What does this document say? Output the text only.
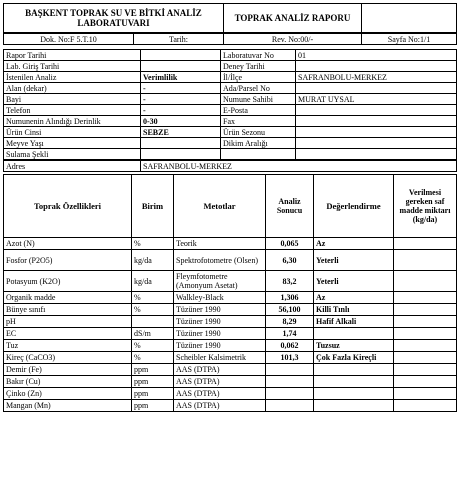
BAŞKENT TOPRAK SU VE BİTKİ ANALİZ LABORATUVARI	TOPRAK ANALİZ RAPORU	
Dok. No:F 5.T.10	Tarih:	Rev. No:00/-	Sayfa No:1/1
Rapor Tarihi		Laboratuvar No	01
Lab. Giriş Tarihi		Deney Tarihi	
İstenilen Analiz	Verimlilik	İl/İlçe	SAFRANBOLU-MERKEZ
Alan (dekar)	-	Ada/Parsel No	
Bayi	-	Numune Sahibi	MURAT UYSAL
Telefon	-	E-Posta	
Numunenin Alındığı Derinlik	0-30	Fax	
Ürün Cinsi	SEBZE	Ürün Sezonu	
Meyve Yaşı		Dikim Aralığı	
Sulama Şekli			
Adres	SAFRANBOLU-MERKEZ
Toprak Özellikleri	Birim	Metotlar	Analiz Sonucu	Değerlendirme	Verilmesi gereken saf madde miktarı (kg/da)
Azot (N)	%	Teorik	0,065	Az	
Fosfor (P2O5)	kg/da	Spektrofotometre (Olsen)	6,30	Yeterli	
Potasyum (K2O)	kg/da	Fleymfotometre (Amonyum Asetat)	83,2	Yeterli	
Organik madde	%	Walkley-Black	1,306	Az	
Bünye sınıfı	%	Tüzüner 1990	56,100	Killi Tınlı	
pH		Tüzüner 1990	8,29	Hafif Alkali	
EC	dS/m	Tüzüner 1990	1,74		
Tuz	%	Tüzüner 1990	0,062	Tuzsuz	
Kireç (CaCO3)	%	Scheibler Kalsimetrik	101,3	Çok Fazla Kireçli	
Demir (Fe)	ppm	AAS (DTPA)			
Bakır (Cu)	ppm	AAS (DTPA)			
Çinko (Zn)	ppm	AAS (DTPA)			
Mangan (Mn)	ppm	AAS (DTPA)			
